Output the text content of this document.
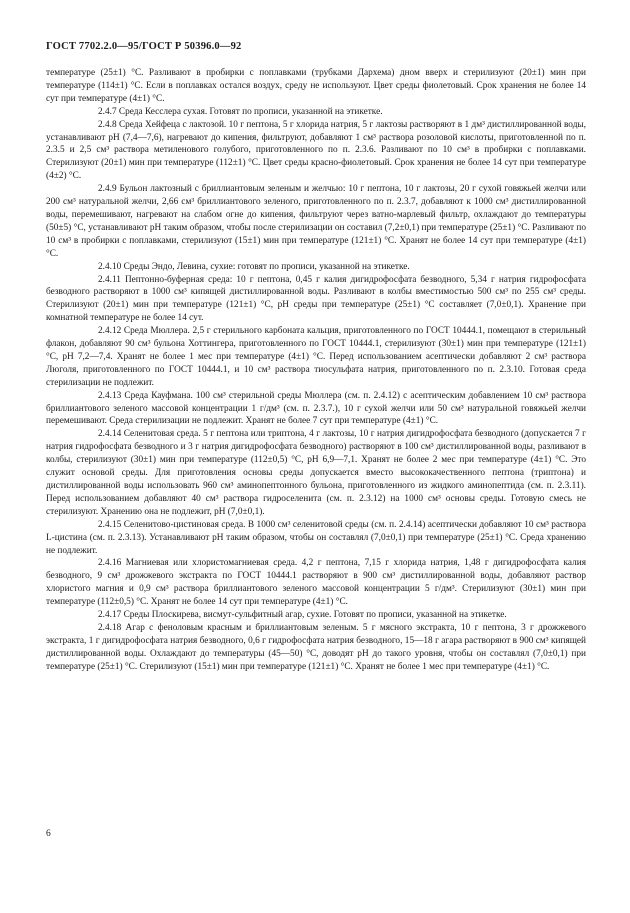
ГОСТ 7702.2.0—95/ГОСТ Р 50396.0—92

температуре (25±1) °С. Разливают в пробирки с поплавками (трубками Дархема) дном вверх и стерилизуют (20±1) мин при температуре (114±1) °С. Если в поплавках остался воздух, среду не используют. Цвет среды фиолетовый. Срок хранения не более 14 сут при температуре (4±1) °С.

2.4.7 Среда Кесслера сухая. Готовят по прописи, указанной на этикетке.

2.4.8 Среда Хейфеца с лактозой. 10 г пептона, 5 г хлорида натрия, 5 г лактозы растворяют в 1 дм³ дистиллированной воды, устанавливают pH (7,4—7,6), нагревают до кипения, фильтруют, добавляют 1 см³ раствора розоловой кислоты, приготовленной по п. 2.3.5 и 2,5 см³ раствора метиленового голубого, приготовленного по п. 2.3.6. Разливают по 10 см³ в пробирки с поплавками. Стерилизуют (20±1) мин при температуре (112±1) °С. Цвет среды красно-фиолетовый. Срок хранения не более 14 сут при температуре (4±2) °С.

2.4.9 Бульон лактозный с бриллиантовым зеленым и желчью: 10 г пептона, 10 г лактозы, 20 г сухой говяжьей желчи или 200 см³ натуральной желчи, 2,66 см³ бриллиантового зеленого, приготовленного по п. 2.3.7, добавляют к 1000 см³ дистиллированной воды, перемешивают, нагревают на слабом огне до кипения, фильтруют через ватно-марлевый фильтр, охлаждают до температуры (50±5) °С, устанавливают pH таким образом, чтобы после стерилизации он составил (7,2±0,1) при температуре (25±1) °С. Разливают по 10 см³ в пробирки с поплавками, стерилизуют (15±1) мин при температуре (121±1) °С. Хранят не более 14 сут при температуре (4±1) °С.

2.4.10 Среды Эндо, Левина, сухие: готовят по прописи, указанной на этикетке.

2.4.11 Пептонно-буферная среда: 10 г пептона, 0,45 г калия дигидрофосфата безводного, 5,34 г натрия гидрофосфата безводного растворяют в 1000 см³ кипящей дистиллированной воды. Разливают в колбы вместимостью 500 см³ по 255 см³ среды. Стерилизуют (20±1) мин при температуре (121±1) °С, pH среды при температуре (25±1) °С составляет (7,0±0,1). Хранение при комнатной температуре не более 14 сут.

2.4.12 Среда Мюллера. 2,5 г стерильного карбоната кальция, приготовленного по ГОСТ 10444.1, помещают в стерильный флакон, добавляют 90 см³ бульона Хоттингера, приготовленного по ГОСТ 10444.1, стерилизуют (30±1) мин при температуре (121±1) °С, pH 7,2—7,4. Хранят не более 1 мес при температуре (4±1) °С. Перед использованием асептически добавляют 2 см³ раствора Люголя, приготовленного по ГОСТ 10444.1, и 10 см³ раствора тиосульфата натрия, приготовленного по п. 2.3.10. Готовая среда стерилизации не подлежит.

2.4.13 Среда Кауфмана. 100 см³ стерильной среды Мюллера (см. п. 2.4.12) с асептическим добавлением 10 см³ раствора бриллиантового зеленого массовой концентрации 1 г/дм³ (см. п. 2.3.7.), 10 г сухой желчи или 50 см³ натуральной говяжьей желчи перемешивают. Среда стерилизации не подлежит. Хранят не более 7 сут при температуре (4±1) °С.

2.4.14 Селенитовая среда. 5 г пептона или триптона, 4 г лактозы, 10 г натрия дигидрофосфата безводного (допускается 7 г натрия гидрофосфата безводного и 3 г натрия дигидрофосфата безводного) растворяют в 100 см³ дистиллированной воды, разливают в колбы, стерилизуют (30±1) мин при температуре (112±0,5) °С, pH 6,9—7,1. Хранят не более 2 мес при температуре (4±1) °С. Это служит основой среды. Для приготовления основы среды допускается вместо высококачественного пептона (триптона) и дистиллированной воды использовать 960 см³ аминопептонного бульона, приготовленного из жидкого аминопептида (см. п. 2.3.11). Перед использованием добавляют 40 см³ раствора гидроселенита (см. п. 2.3.12) на 1000 см³ основы среды. Готовую смесь не стерилизуют. Хранению она не подлежит, pH (7,0±0,1).

2.4.15 Селенитово-цистиновая среда. В 1000 см³ селенитовой среды (см. п. 2.4.14) асептически добавляют 10 см³ раствора L-цистина (см. п. 2.3.13). Устанавливают pH таким образом, чтобы он составлял (7,0±0,1) при температуре (25±1) °С. Среда хранению не подлежит.

2.4.16 Магниевая или хлористомагниевая среда. 4,2 г пептона, 7,15 г хлорида натрия, 1,48 г дигидрофосфата калия безводного, 9 см³ дрожжевого экстракта по ГОСТ 10444.1 растворяют в 900 см³ дистиллированной воды, добавляют раствор хлористого магния и 0,9 см³ раствора бриллиантового зеленого массовой концентрации 5 г/дм³. Стерилизуют (30±1) мин при температуре (112±0,5) °С. Хранят не более 14 сут при температуре (4±1) °С.

2.4.17 Среды Плоскирева, висмут-сульфитный агар, сухие. Готовят по прописи, указанной на этикетке.

2.4.18 Агар с феноловым красным и бриллиантовым зеленым. 5 г мясного экстракта, 10 г пептона, 3 г дрожжевого экстракта, 1 г дигидрофосфата натрия безводного, 0,6 г гидрофосфата натрия безводного, 15—18 г агара растворяют в 900 см³ кипящей дистиллированной воды. Охлаждают до температуры (45—50) °С, доводят pH до такого уровня, чтобы он составлял (7,0±0,1) при температуре (25±1) °С. Стерилизуют (15±1) мин при температуре (121±1) °С. Хранят не более 1 мес при температуре (4±1) °С.

6
